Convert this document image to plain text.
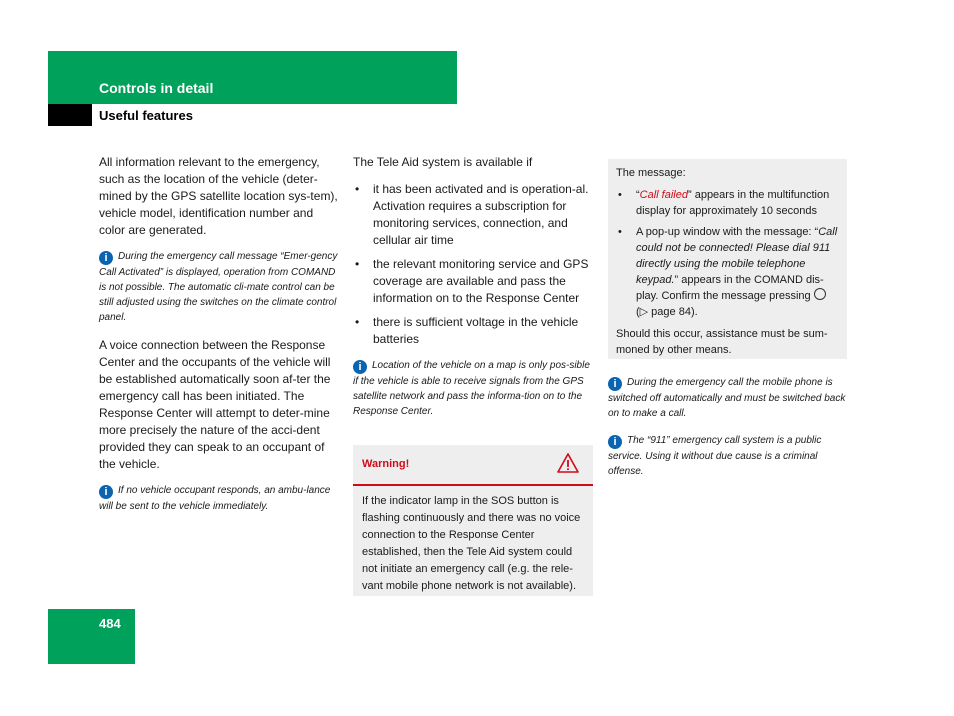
Controls in detail
Useful features

All information relevant to the emergency, such as the location of the vehicle (deter-mined by the GPS satellite location sys-tem), vehicle model, identification number and color are generated.

i During the emergency call message “Emer-gency Call Activated” is displayed, operation from COMAND is not possible. The automatic cli-mate control can be still adjusted using the switches on the climate control panel.

A voice connection between the Response Center and the occupants of the vehicle will be established automatically soon af-ter the emergency call has been initiated. The Response Center will attempt to deter-mine more precisely the nature of the acci-dent provided they can speak to an occupant of the vehicle.

i If no vehicle occupant responds, an ambu-lance will be sent to the vehicle immediately.

The Tele Aid system is available if

• it has been activated and is operation-al. Activation requires a subscription for monitoring services, connection, and cellular air time
• the relevant monitoring service and GPS coverage are available and pass the information on to the Response Center
• there is sufficient voltage in the vehicle batteries

i Location of the vehicle on a map is only pos-sible if the vehicle is able to receive signals from the GPS satellite network and pass the informa-tion on to the Response Center.

Warning!
If the indicator lamp in the SOS button is flashing continuously and there was no voice connection to the Response Center established, then the Tele Aid system could not initiate an emergency call (e.g. the rele-vant mobile phone network is not available).
The message:
• “Call failed” appears in the multifunction display for approximately 10 seconds
• A pop-up window with the message: “Call could not be connected! Please dial 911 directly using the mobile telephone keypad.” appears in the COMAND dis-play. Confirm the message pressing
(▷ page 84).
Should this occur, assistance must be sum-moned by other means.

i During the emergency call the mobile phone is switched off automatically and must be switched back on to make a call.

i The “911” emergency call system is a public service. Using it without due cause is a criminal offense.

484
